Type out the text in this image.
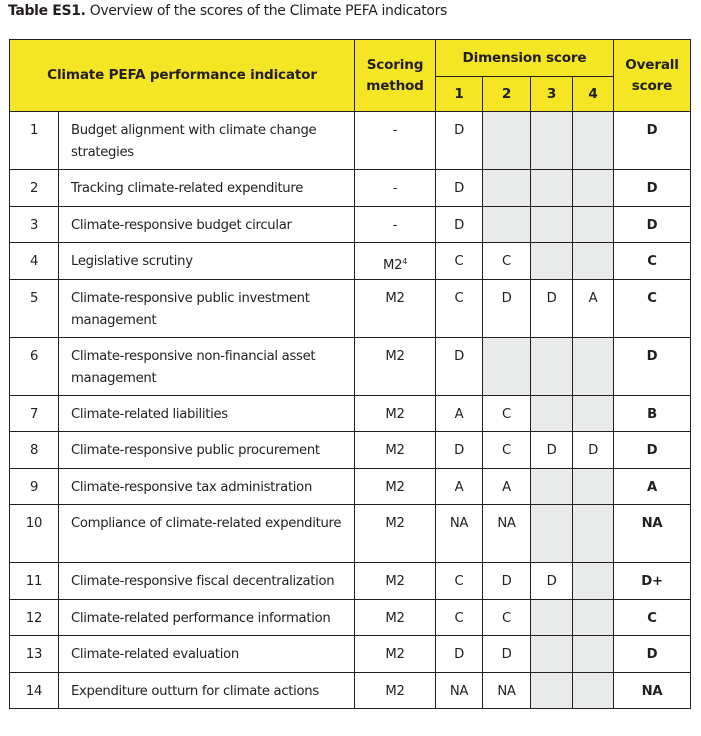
Table ES1. Overview of the scores of the Climate PEFA indicators
Climate PEFA performance indicator		Scoring method	Dimension score				Overall score
			1	2	3	4	
1	Budget alignment with climate change strategies	-	D				D
2	Tracking climate-related expenditure	-	D				D
3	Climate-responsive budget circular	-	D				D
4	Legislative scrutiny	$M2^4$	C	C			C
5	Climate-responsive public investment management	M2	C	D	D	A	C
6	Climate-responsive non-financial asset management	M2	D				D
7	Climate-related liabilities	M2	A	C			B
8	Climate-responsive public procurement	M2	D	C	D	D	D
9	Climate-responsive tax administration	M2	A	A			A
10	Compliance of climate-related expenditure	M2	NA	NA			NA
11	Climate-responsive fiscal decentralization	M2	C	D	D		D+
12	Climate-related performance information	M2	C	C			C
13	Climate-related evaluation	M2	D	D			D
14	Expenditure outturn for climate actions	M2	NA	NA			NA
